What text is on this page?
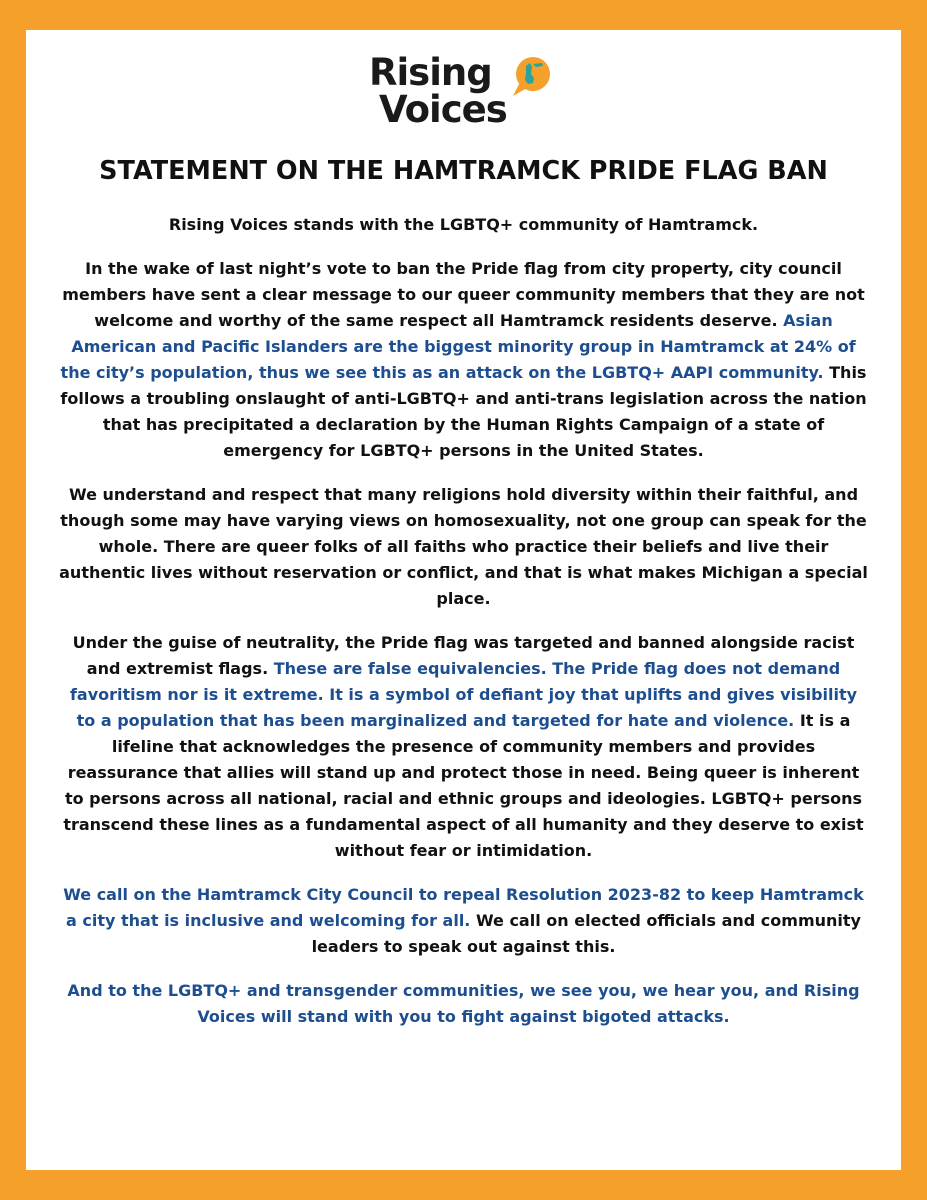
Rising
Voices
STATEMENT ON THE HAMTRAMCK PRIDE FLAG BAN

Rising Voices stands with the LGBTQ+ community of Hamtramck.

In the wake of last night’s vote to ban the Pride flag from city property, city council members have sent a clear message to our queer community members that they are not welcome and worthy of the same respect all Hamtramck residents deserve. Asian American and Pacific Islanders are the biggest minority group in Hamtramck at 24% of the city’s population, thus we see this as an attack on the LGBTQ+ AAPI community. This follows a troubling onslaught of anti-LGBTQ+ and anti-trans legislation across the nation that has precipitated a declaration by the Human Rights Campaign of a state of emergency for LGBTQ+ persons in the United States.

We understand and respect that many religions hold diversity within their faithful, and though some may have varying views on homosexuality, not one group can speak for the whole. There are queer folks of all faiths who practice their beliefs and live their authentic lives without reservation or conflict, and that is what makes Michigan a special place.

Under the guise of neutrality, the Pride flag was targeted and banned alongside racist and extremist flags. These are false equivalencies. The Pride flag does not demand favoritism nor is it extreme. It is a symbol of defiant joy that uplifts and gives visibility to a population that has been marginalized and targeted for hate and violence. It is a lifeline that acknowledges the presence of community members and provides reassurance that allies will stand up and protect those in need. Being queer is inherent to persons across all national, racial and ethnic groups and ideologies. LGBTQ+ persons transcend these lines as a fundamental aspect of all humanity and they deserve to exist without fear or intimidation.

We call on the Hamtramck City Council to repeal Resolution 2023-82 to keep Hamtramck a city that is inclusive and welcoming for all. We call on elected officials and community leaders to speak out against this.

And to the LGBTQ+ and transgender communities, we see you, we hear you, and Rising Voices will stand with you to fight against bigoted attacks.
